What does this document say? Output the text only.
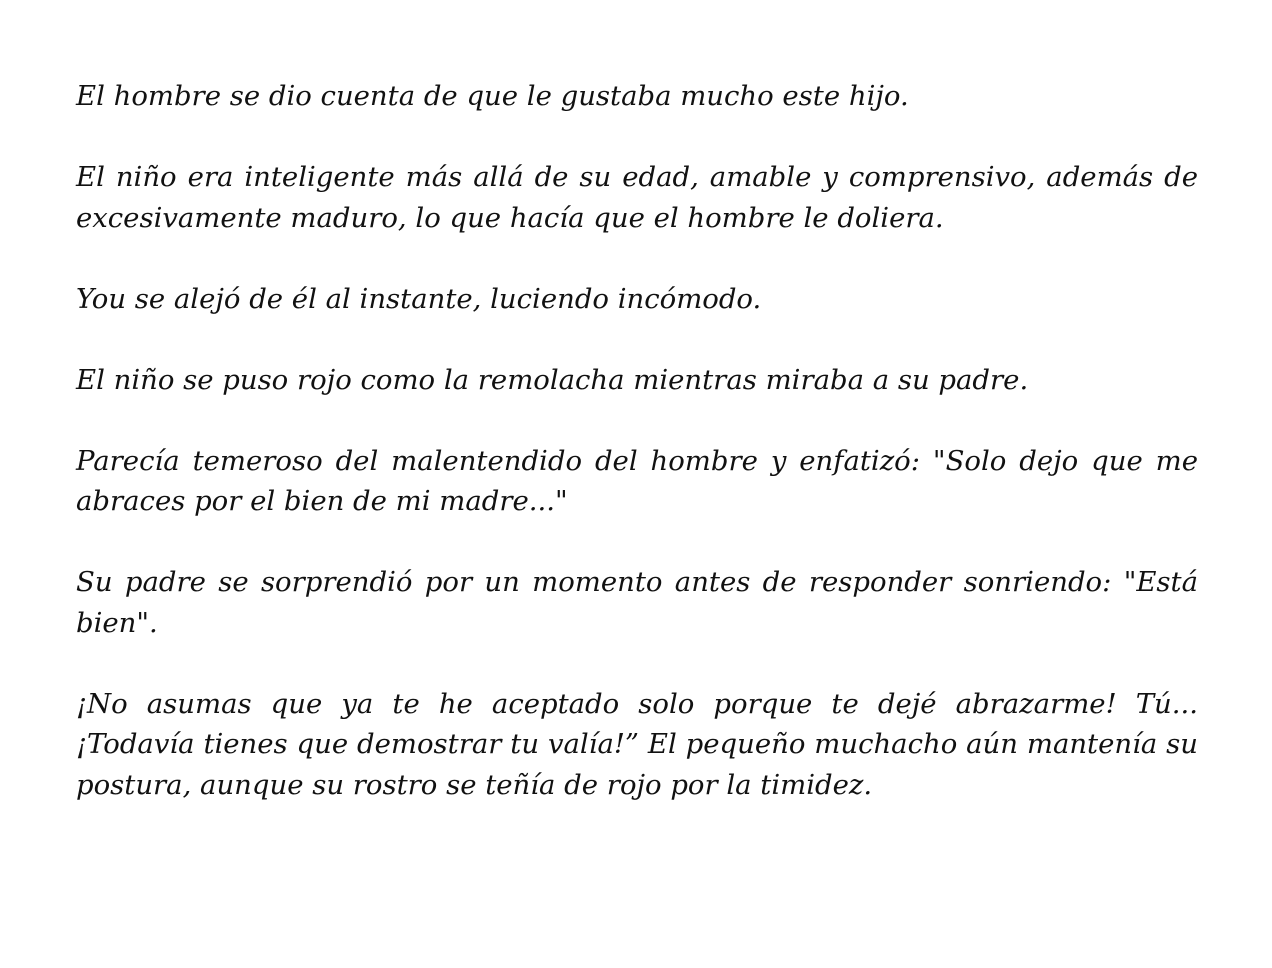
El hombre se dio cuenta de que le gustaba mucho este hijo.

El niño era inteligente más allá de su edad, amable y comprensivo, además de excesivamente maduro, lo que hacía que el hombre le doliera.

You se alejó de él al instante, luciendo incómodo.

El niño se puso rojo como la remolacha mientras miraba a su padre.

Parecía temeroso del malentendido del hombre y enfatizó: "Solo dejo que me abraces por el bien de mi madre..."

Su padre se sorprendió por un momento antes de responder sonriendo: "Está bien".

¡No asumas que ya te he aceptado solo porque te dejé abrazarme! Tú... ¡Todavía tienes que demostrar tu valía!” El pequeño muchacho aún mantenía su postura, aunque su rostro se teñía de rojo por la timidez.
